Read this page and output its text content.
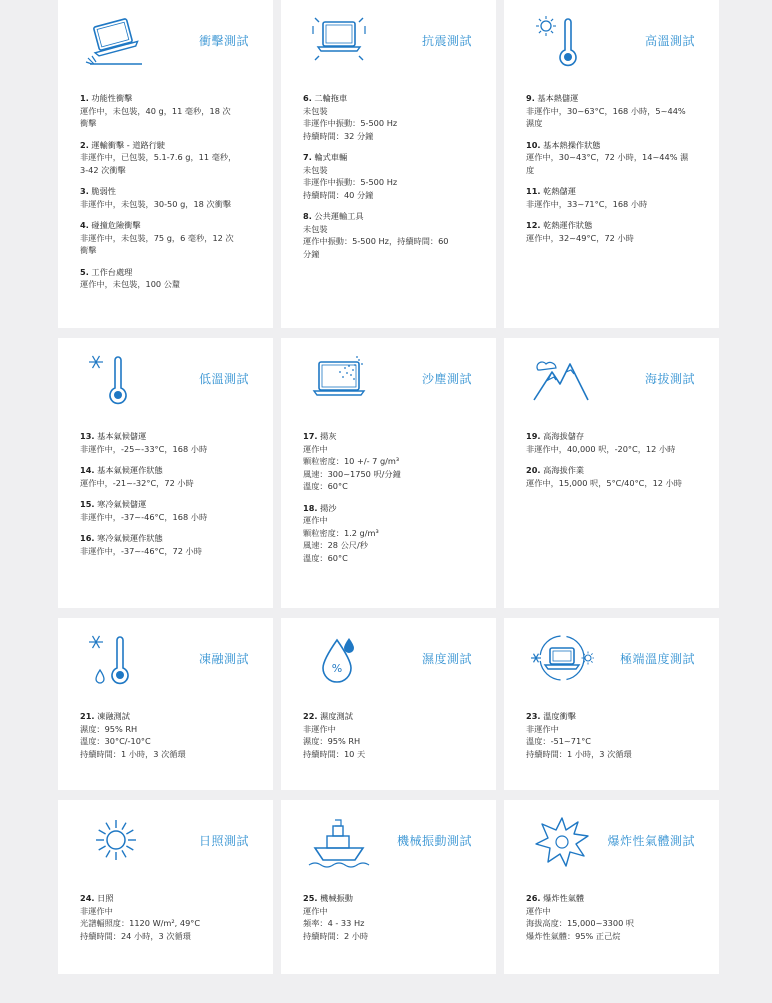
衝擊測試
1. 功能性衝擊
運作中，未包裝，40 g，11 毫秒，18 次
衝擊
2. 運輸衝擊 - 道路行駛
非運作中，已包裝，5.1-7.6 g，11 毫秒，
3-42 次衝擊
3. 脆弱性
非運作中，未包裝，30-50 g，18 次衝擊
4. 碰撞危險衝擊
非運作中，未包裝，75 g，6 毫秒，12 次
衝擊
5. 工作台處理
運作中，未包裝，100 公釐
抗震測試
6. 二輪拖車
未包裝
非運作中振動：5-500 Hz
持續時間：32 分鐘
7. 輪式車輛
未包裝
非運作中振動：5-500 Hz
持續時間：40 分鐘
8. 公共運輸工具
未包裝
運作中振動：5-500 Hz，持續時間：60
分鐘
高溫測試
9. 基本熱儲運
非運作中，30~63°C，168 小時，5~44%
濕度
10. 基本熱操作狀態
運作中，30~43°C，72 小時，14~44% 濕
度
11. 乾熱儲運
非運作中，33~71°C，168 小時
12. 乾熱運作狀態
運作中，32~49°C，72 小時
低溫測試
13. 基本氣候儲運
非運作中，-25~-33°C，168 小時
14. 基本氣候運作狀態
運作中，-21~-32°C，72 小時
15. 寒冷氣候儲運
非運作中，-37~-46°C，168 小時
16. 寒冷氣候運作狀態
非運作中，-37~-46°C，72 小時
沙塵測試
17. 揚灰
運作中
顆粒密度：10 +/- 7 g/m³
風速：300~1750 呎/分鐘
溫度：60°C
18. 揚沙
運作中
顆粒密度：1.2 g/m³
風速：28 公尺/秒
溫度：60°C
海拔測試
19. 高海拔儲存
非運作中，40,000 呎，-20°C，12 小時
20. 高海拔作業
運作中，15,000 呎，5°C/40°C，12 小時
凍融測試
21. 凍融測試
濕度：95% RH
溫度：30°C/-10°C
持續時間：1 小時，3 次循環
%
濕度測試
22. 濕度測試
非運作中
濕度：95% RH
持續時間：10 天
極端溫度測試
23. 溫度衝擊
非運作中
溫度：-51~71°C
持續時間：1 小時，3 次循環
日照測試
24. 日照
非運作中
光譜輻照度：1120 W/m², 49°C
持續時間：24 小時，3 次循環
機械振動測試
25. 機械振動
運作中
頻率：4 - 33 Hz
持續時間：2 小時
爆炸性氣體測試
26. 爆炸性氣體
運作中
海拔高度：15,000~3300 呎
爆炸性氣體：95% 正己烷
